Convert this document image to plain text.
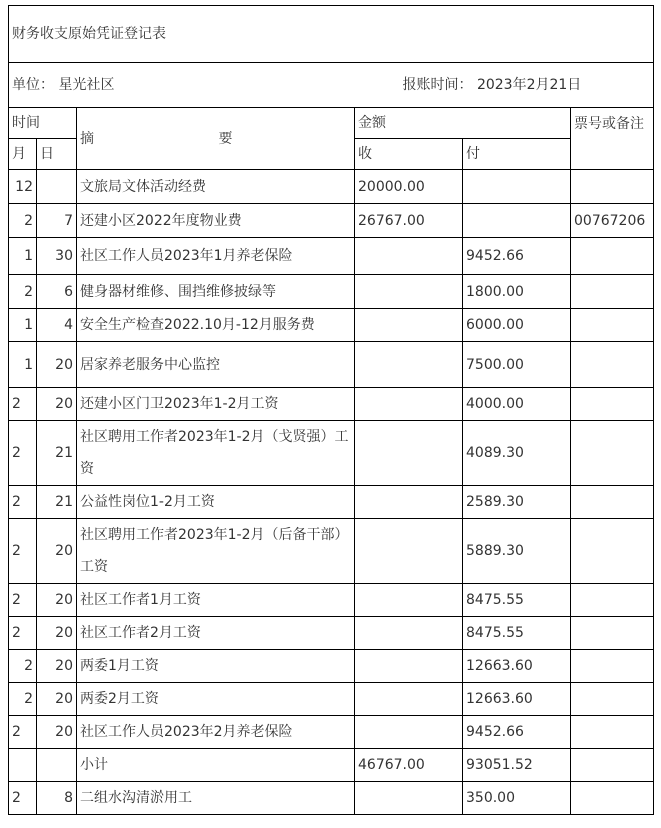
财务收支原始凭证登记表					
单位： 星光社区 报账时间： 2023年2月21日					

时间		摘 要	金额		票号或备注
月	日		收	付	
12		文旅局文体活动经费	20000.00		
2	7	还建小区2022年度物业费	26767.00		00767206
1	30	社区工作人员2023年1月养老保险		9452.66	
2	6	健身器材维修、围挡维修披绿等		1800.00	
1	4	安全生产检查2022.10月-12月服务费		6000.00	
1	20	居家养老服务中心监控		7500.00	
2	20	还建小区门卫2023年1-2月工资		4000.00	
2	21	社区聘用工作者2023年1-2月（戈贤强）工资		4089.30	
2	21	公益性岗位1-2月工资		2589.30	
2	20	社区聘用工作者2023年1-2月（后备干部）工资		5889.30	
2	20	社区工作者1月工资		8475.55	
2	20	社区工作者2月工资		8475.55	
2	20	两委1月工资		12663.60	
2	20	两委2月工资		12663.60	
2	20	社区工作人员2023年2月养老保险		9452.66	
		小计	46767.00	93051.52	
2	8	二组水沟清淤用工		350.00	
